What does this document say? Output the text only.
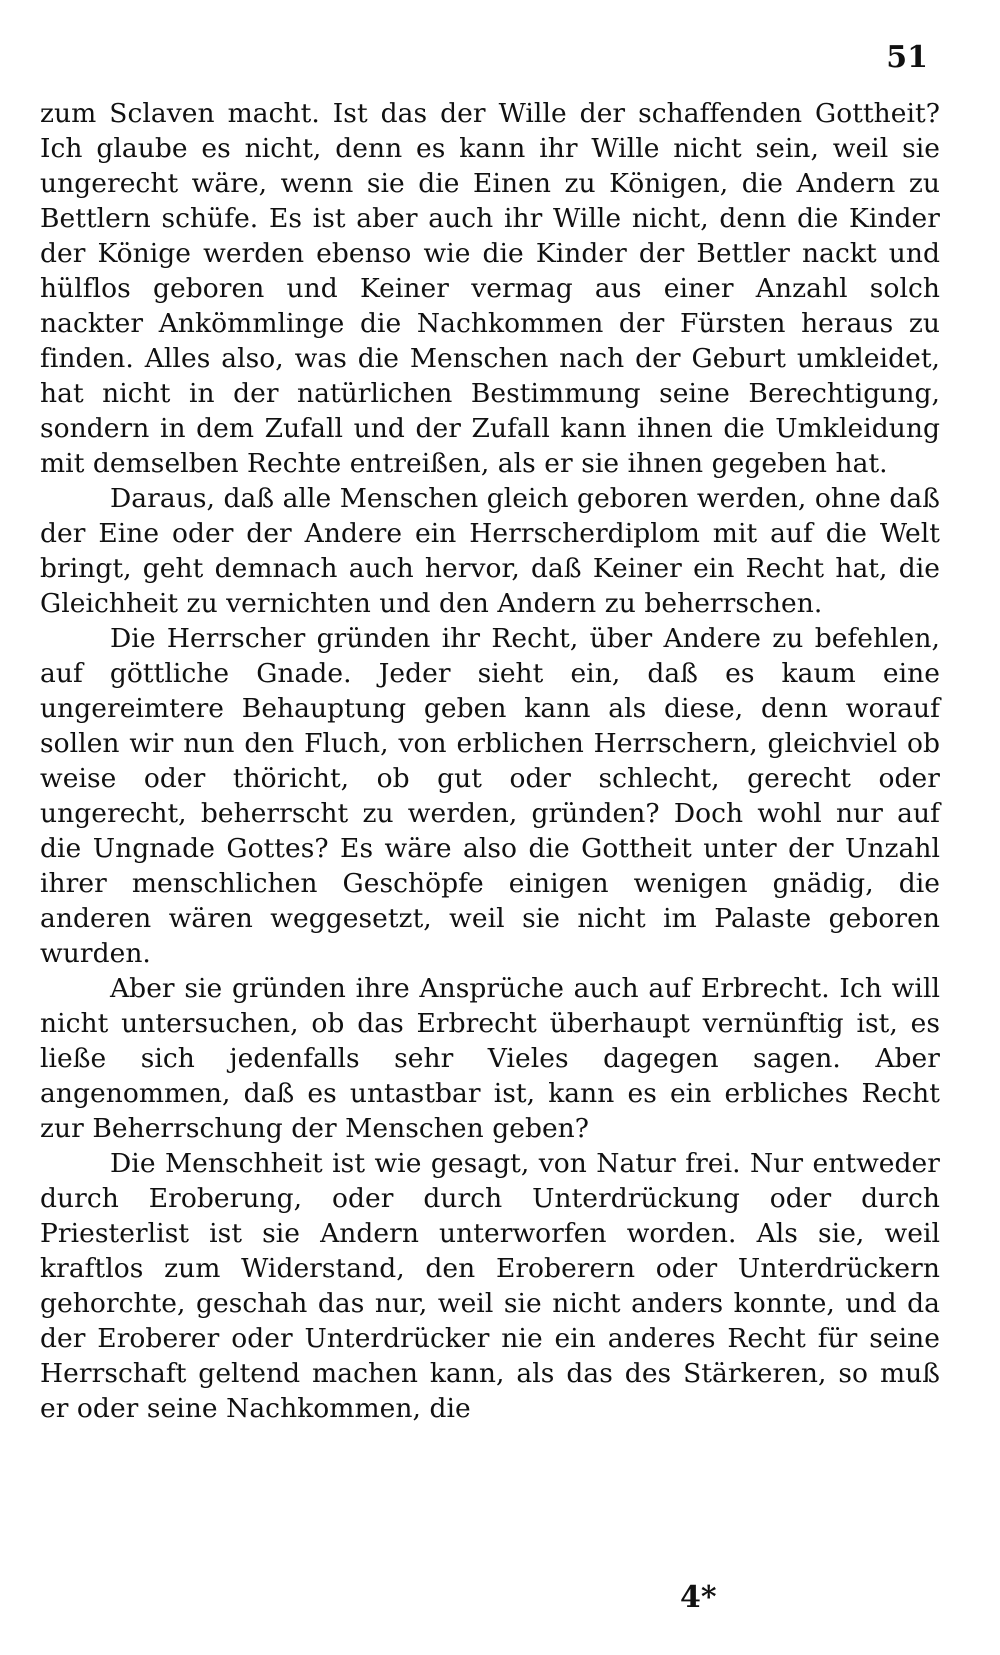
51

zum Sclaven macht. Ist das der Wille der schaffenden Gottheit? Ich glaube es nicht, denn es kann ihr Wille nicht sein, weil sie ungerecht wäre, wenn sie die Einen zu Königen, die Andern zu Bettlern schüfe. Es ist aber auch ihr Wille nicht, denn die Kinder der Könige werden ebenso wie die Kinder der Bettler nackt und hülflos geboren und Keiner vermag aus einer Anzahl solch nackter Ankömmlinge die Nachkommen der Fürsten heraus zu finden. Alles also, was die Menschen nach der Geburt umkleidet, hat nicht in der natürlichen Bestimmung seine Berechtigung, sondern in dem Zufall und der Zufall kann ihnen die Umkleidung mit demselben Rechte entreißen, als er sie ihnen gegeben hat.

Daraus, daß alle Menschen gleich geboren werden, ohne daß der Eine oder der Andere ein Herrscherdiplom mit auf die Welt bringt, geht demnach auch hervor, daß Keiner ein Recht hat, die Gleichheit zu vernichten und den Andern zu beherrschen.

Die Herrscher gründen ihr Recht, über Andere zu befehlen, auf göttliche Gnade. Jeder sieht ein, daß es kaum eine ungereimtere Behauptung geben kann als diese, denn worauf sollen wir nun den Fluch, von erblichen Herrschern, gleichviel ob weise oder thöricht, ob gut oder schlecht, gerecht oder ungerecht, beherrscht zu werden, gründen? Doch wohl nur auf die Ungnade Gottes? Es wäre also die Gottheit unter der Unzahl ihrer menschlichen Geschöpfe einigen wenigen gnädig, die anderen wären weggesetzt, weil sie nicht im Palaste geboren wurden.

Aber sie gründen ihre Ansprüche auch auf Erbrecht. Ich will nicht untersuchen, ob das Erbrecht überhaupt vernünftig ist, es ließe sich jedenfalls sehr Vieles dagegen sagen. Aber angenommen, daß es untastbar ist, kann es ein erbliches Recht zur Beherrschung der Menschen geben?

Die Menschheit ist wie gesagt, von Natur frei. Nur entweder durch Eroberung, oder durch Unterdrückung oder durch Priesterlist ist sie Andern unterworfen worden. Als sie, weil kraftlos zum Widerstand, den Eroberern oder Unterdrückern gehorchte, geschah das nur, weil sie nicht anders konnte, und da der Eroberer oder Unterdrücker nie ein anderes Recht für seine Herrschaft geltend machen kann, als das des Stärkeren, so muß er oder seine Nachkommen, die

4*
